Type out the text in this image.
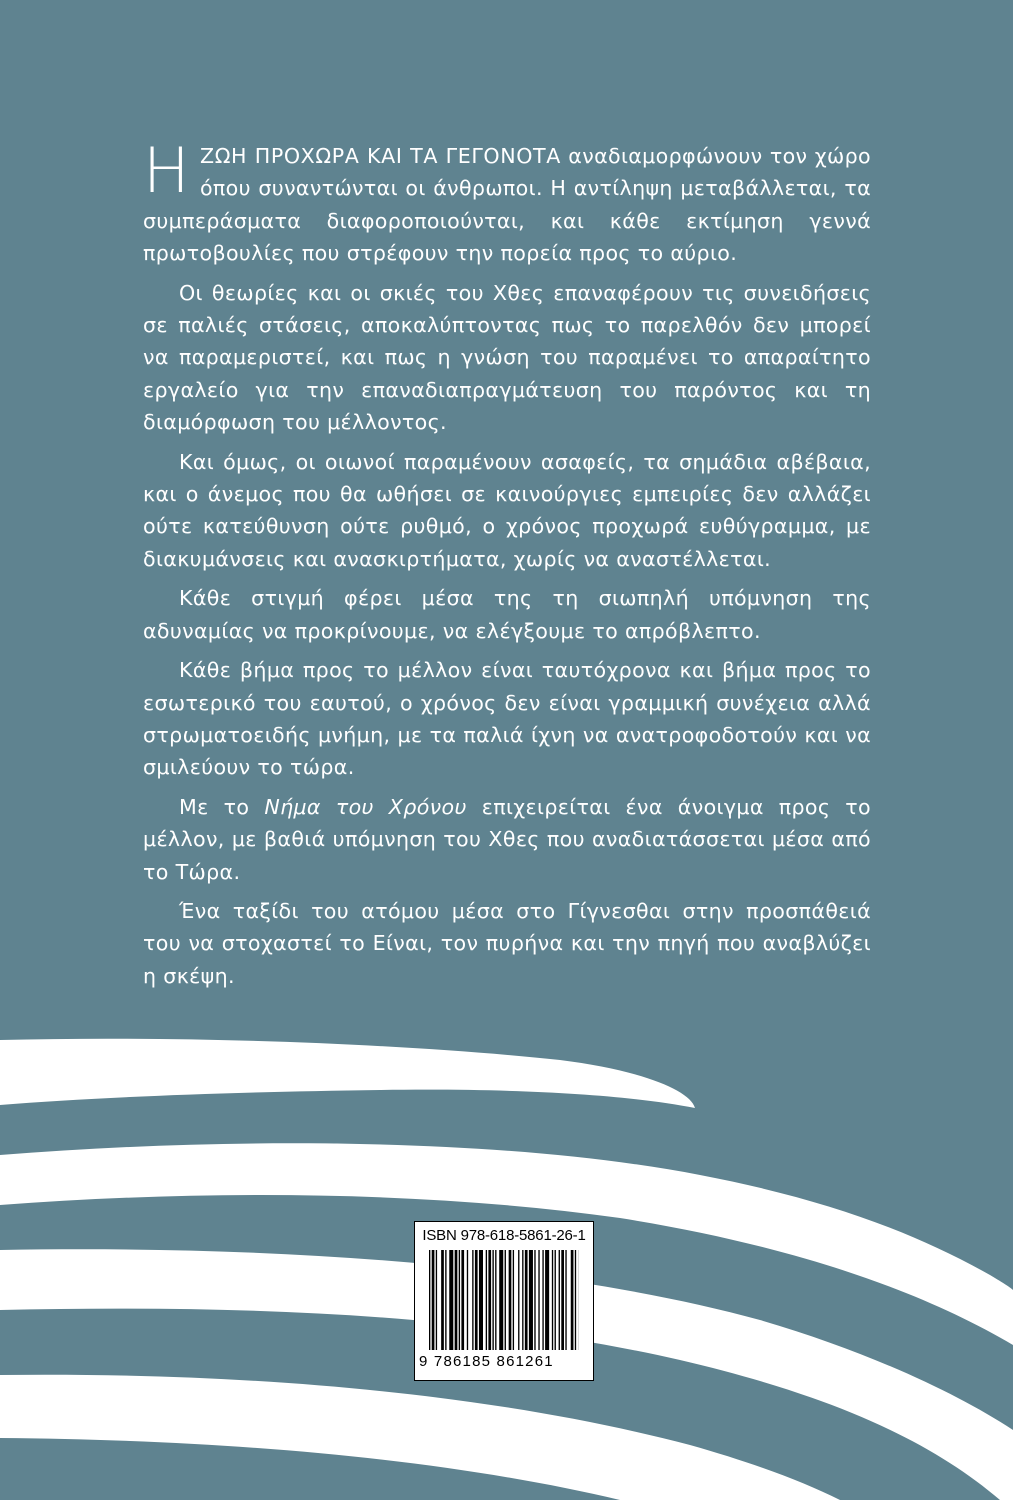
ΗΖΩΗ ΠΡΟΧΩΡΑ ΚΑΙ ΤΑ ΓΕΓΟΝΟΤΑ αναδιαμορφώνουν τον χώρο όπου συναντώνται οι άνθρωποι. Η αντίληψη μεταβάλλεται, τα συμπεράσματα διαφοροποιούνται, και κάθε εκτίμηση γεννά πρωτοβουλίες που στρέφουν την πορεία προς το αύριο.

Οι θεωρίες και οι σκιές του Χθες επαναφέρουν τις συνειδήσεις σε παλιές στάσεις, αποκαλύπτοντας πως το παρελθόν δεν μπορεί να παραμεριστεί, και πως η γνώση του παραμένει το απαραίτητο εργαλείο για την επαναδιαπραγμάτευση του παρόντος και τη διαμόρφωση του μέλλοντος.

Και όμως, οι οιωνοί παραμένουν ασαφείς, τα σημάδια αβέβαια, και ο άνεμος που θα ωθήσει σε καινούργιες εμπειρίες δεν αλλάζει ούτε κατεύθυνση ούτε ρυθμό, ο χρόνος προχωρά ευθύγραμμα, με διακυμάνσεις και ανασκιρτήματα, χωρίς να αναστέλλεται.

Κάθε στιγμή φέρει μέσα της τη σιωπηλή υπόμνηση της αδυναμίας να προκρίνουμε, να ελέγξουμε το απρόβλεπτο.

Κάθε βήμα προς το μέλλον είναι ταυτόχρονα και βήμα προς το εσωτερικό του εαυτού, ο χρόνος δεν είναι γραμμική συνέχεια αλλά στρωματοειδής μνήμη, με τα παλιά ίχνη να ανατροφοδοτούν και να σμιλεύουν το τώρα.

Με το Νήμα του Χρόνου επιχειρείται ένα άνοιγμα προς το μέλλον, με βαθιά υπόμνηση του Χθες που αναδιατάσσεται μέσα από το Τώρα.

Ένα ταξίδι του ατόμου μέσα στο Γίγνεσθαι στην προσπάθειά του να στοχαστεί το Είναι, τον πυρήνα και την πηγή που αναβλύζει η σκέψη.

ISBN 978-618-5861-26-1
9 786185 861261
